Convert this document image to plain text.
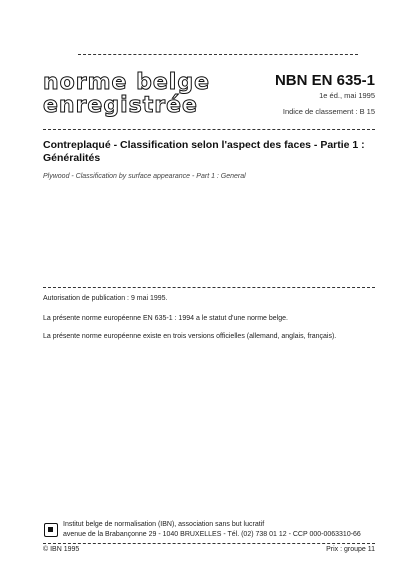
norme belge
enregistrée
NBN EN 635-1
1e éd., mai 1995
Indice de classement : B 15
Contreplaqué - Classification selon l'aspect des faces - Partie 1 : Généralités
Plywood - Classification by surface appearance - Part 1 : General
Autorisation de publication : 9 mai 1995.
La présente norme européenne EN 635-1 : 1994 a le statut d'une norme belge.
La présente norme européenne existe en trois versions officielles (allemand, anglais, français).
Institut belge de normalisation (IBN), association sans but lucratif
avenue de la Brabançonne 29 - 1040 BRUXELLES - Tél. (02) 738 01 12 - CCP 000-0063310-66
© IBN 1995	Prix : groupe 11
